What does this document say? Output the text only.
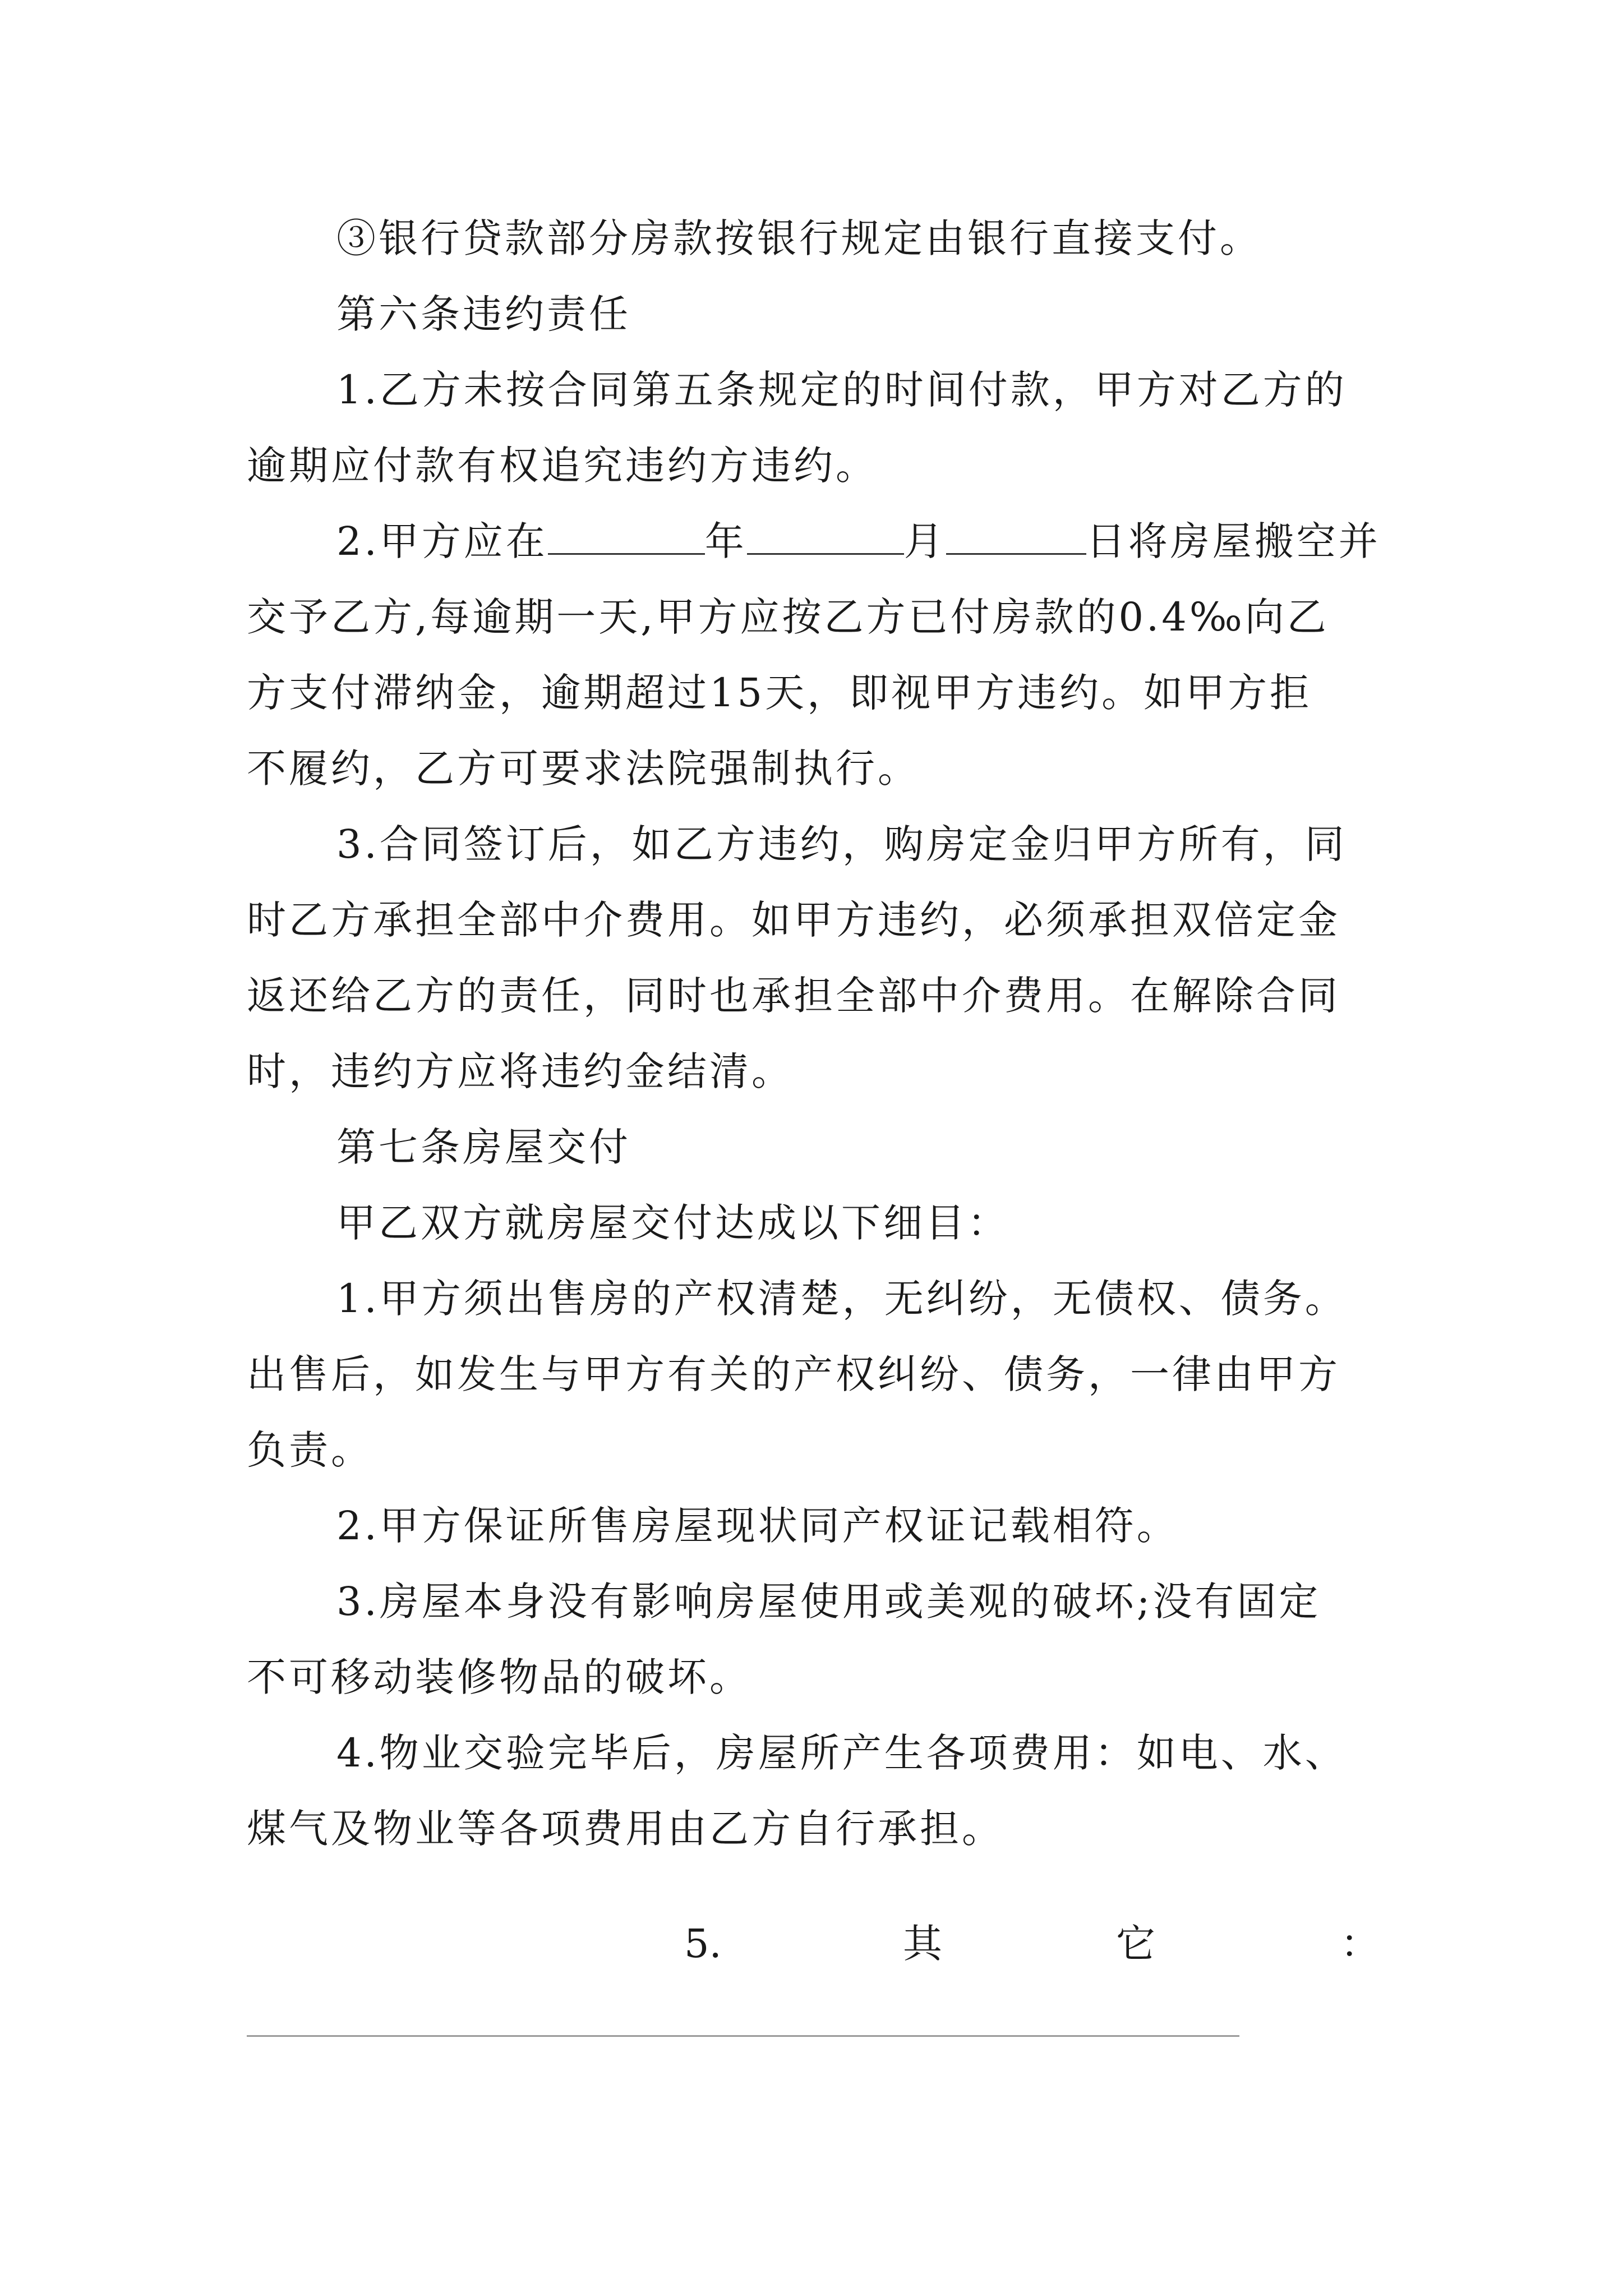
③银行贷款部分房款按银行规定由银行直接支付。
第六条违约责任
1.乙方未按合同第五条规定的时间付款，甲方对乙方的
逾期应付款有权追究违约方违约。
2.甲方应在	年	月	日将房屋搬空并
交予乙方,每逾期一天,甲方应按乙方已付房款的0.4‰向乙
方支付滞纳金，逾期超过15天，即视甲方违约。如甲方拒
不履约，乙方可要求法院强制执行。
3.合同签订后，如乙方违约，购房定金归甲方所有，同
时乙方承担全部中介费用。如甲方违约，必须承担双倍定金
返还给乙方的责任，同时也承担全部中介费用。在解除合同
时，违约方应将违约金结清。
第七条房屋交付
甲乙双方就房屋交付达成以下细目：
1.甲方须出售房的产权清楚，无纠纷，无债权、债务。
出售后，如发生与甲方有关的产权纠纷、债务，一律由甲方
负责。
2.甲方保证所售房屋现状同产权证记载相符。
3.房屋本身没有影响房屋使用或美观的破坏;没有固定
不可移动装修物品的破坏。
4.物业交验完毕后，房屋所产生各项费用：如电、水、
煤气及物业等各项费用由乙方自行承担。
5.	其	它	：
